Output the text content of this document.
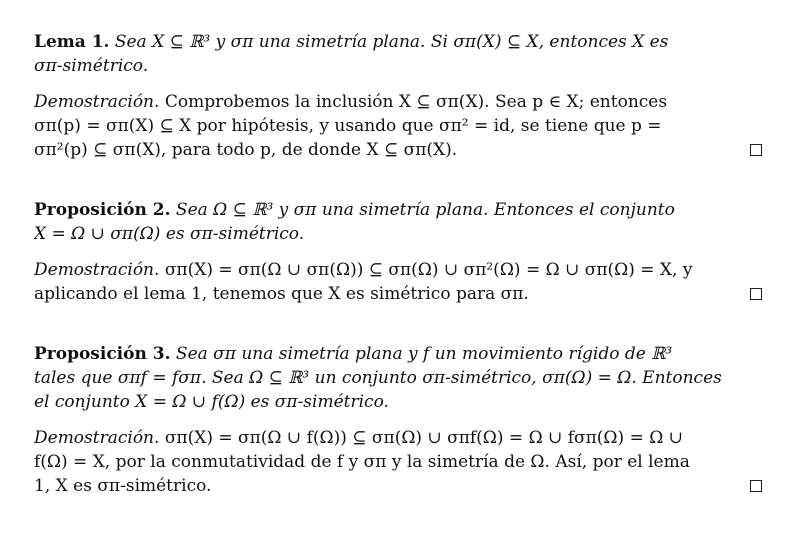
Lema 1. Sea X ⊆ ℝ³ y σπ una simetría plana. Si σπ(X) ⊆ X, entonces X es
σπ-simétrico.
Demostración. Comprobemos la inclusión X ⊆ σπ(X). Sea p ∈ X; entonces
σπ(p) = σπ(X) ⊆ X por hipótesis, y usando que σπ² = id, se tiene que p =
σπ²(p) ⊆ σπ(X), para todo p, de donde X ⊆ σπ(X).
Proposición 2. Sea Ω ⊆ ℝ³ y σπ una simetría plana. Entonces el conjunto
X = Ω ∪ σπ(Ω) es σπ-simétrico.
Demostración. σπ(X) = σπ(Ω ∪ σπ(Ω)) ⊆ σπ(Ω) ∪ σπ²(Ω) = Ω ∪ σπ(Ω) = X, y
aplicando el lema 1, tenemos que X es simétrico para σπ.
Proposición 3. Sea σπ una simetría plana y f un movimiento rígido de ℝ³
tales que σπf = fσπ. Sea Ω ⊆ ℝ³ un conjunto σπ-simétrico, σπ(Ω) = Ω. Entonces
el conjunto X = Ω ∪ f(Ω) es σπ-simétrico.
Demostración. σπ(X) = σπ(Ω ∪ f(Ω)) ⊆ σπ(Ω) ∪ σπf(Ω) = Ω ∪ fσπ(Ω) = Ω ∪
f(Ω) = X, por la conmutatividad de f y σπ y la simetría de Ω. Así, por el lema
1, X es σπ-simétrico.
